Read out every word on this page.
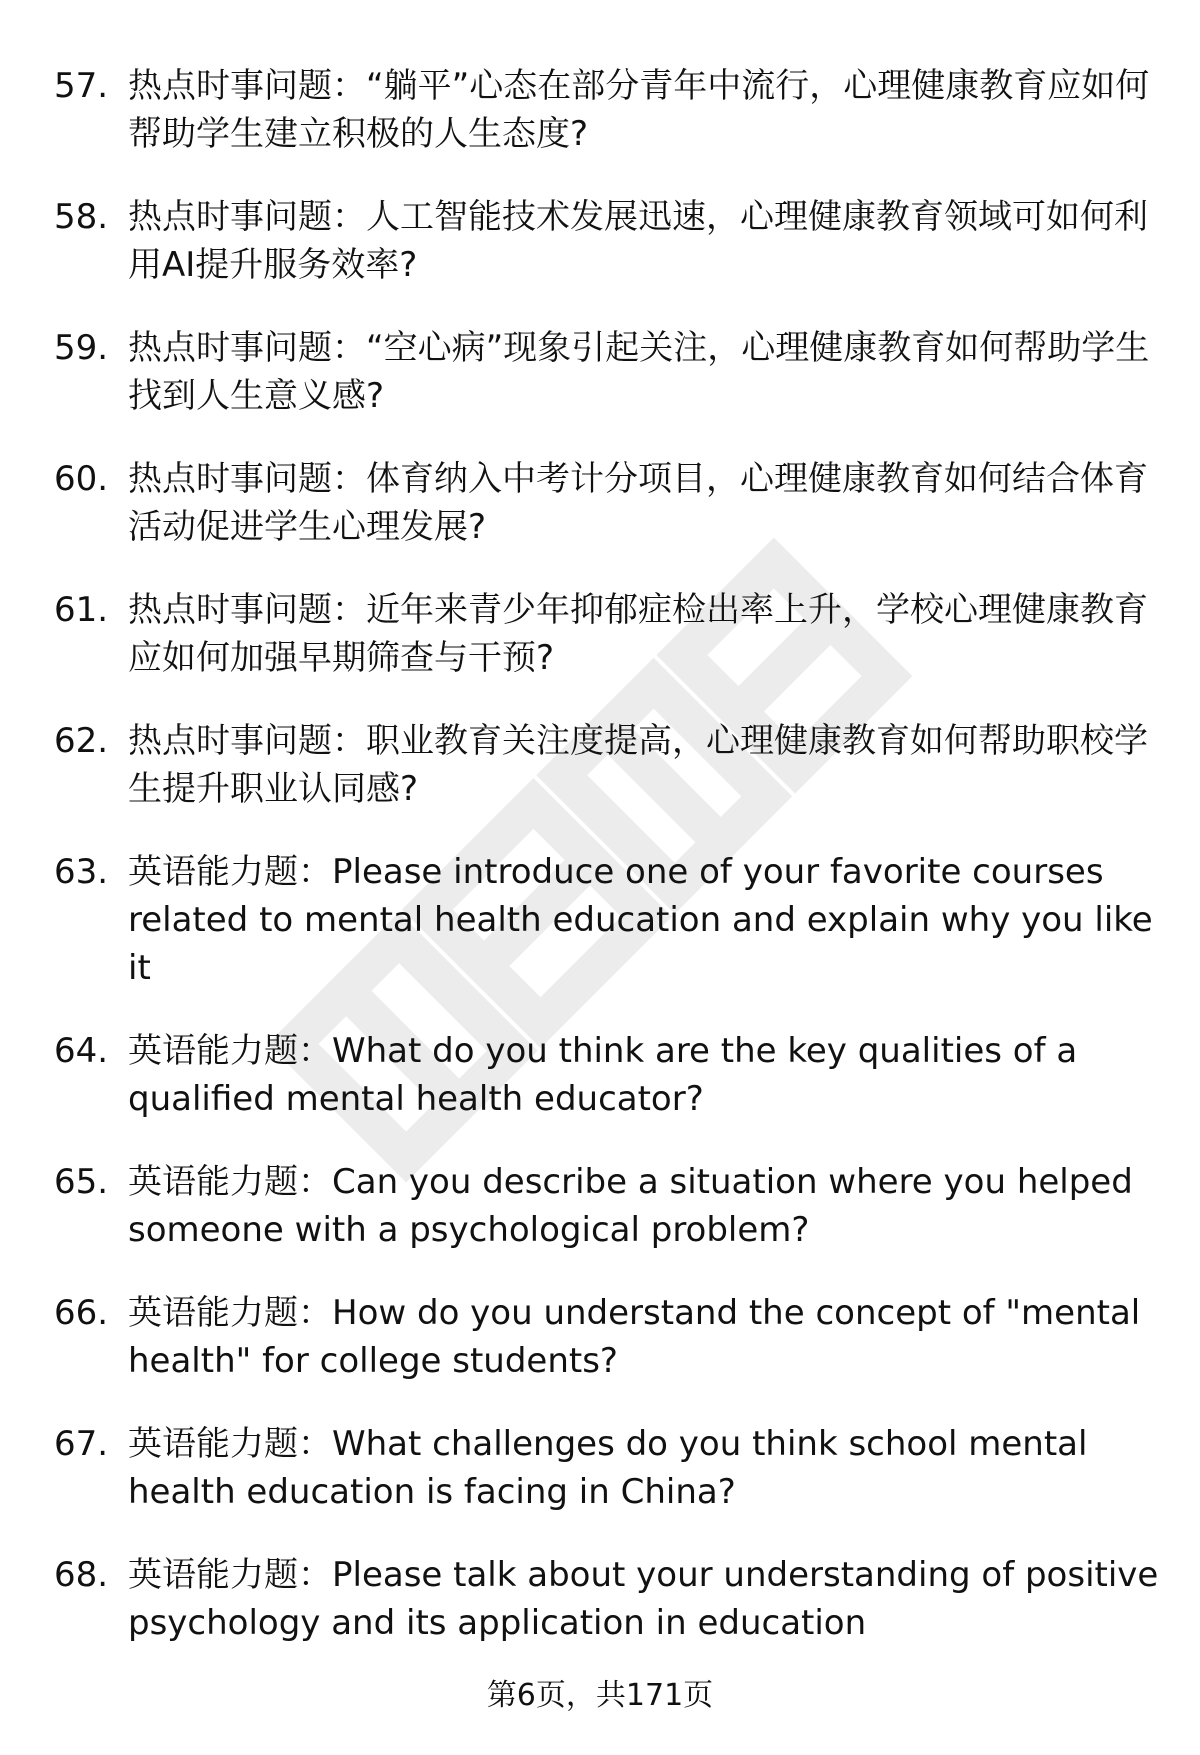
57. 热点时事问题：“躺平”心态在部分青年中流行，心理健康教育应如何帮助学生建立积极的人生态度?
58. 热点时事问题：人工智能技术发展迅速，心理健康教育领域可如何利用AI提升服务效率?
59. 热点时事问题：“空心病”现象引起关注，心理健康教育如何帮助学生找到人生意义感?
60. 热点时事问题：体育纳入中考计分项目，心理健康教育如何结合体育活动促进学生心理发展?
61. 热点时事问题：近年来青少年抑郁症检出率上升，学校心理健康教育应如何加强早期筛查与干预?
62. 热点时事问题：职业教育关注度提高，心理健康教育如何帮助职校学生提升职业认同感?
63. 英语能力题：Please introduce one of your favorite courses related to mental health education and explain why you like it
64. 英语能力题：What do you think are the key qualities of a qualified mental health educator?
65. 英语能力题：Can you describe a situation where you helped someone with a psychological problem?
66. 英语能力题：How do you understand the concept of "mental health" for college students?
67. 英语能力题：What challenges do you think school mental health education is facing in China?
68. 英语能力题：Please talk about your understanding of positive psychology and its application in education
第6页，共171页
